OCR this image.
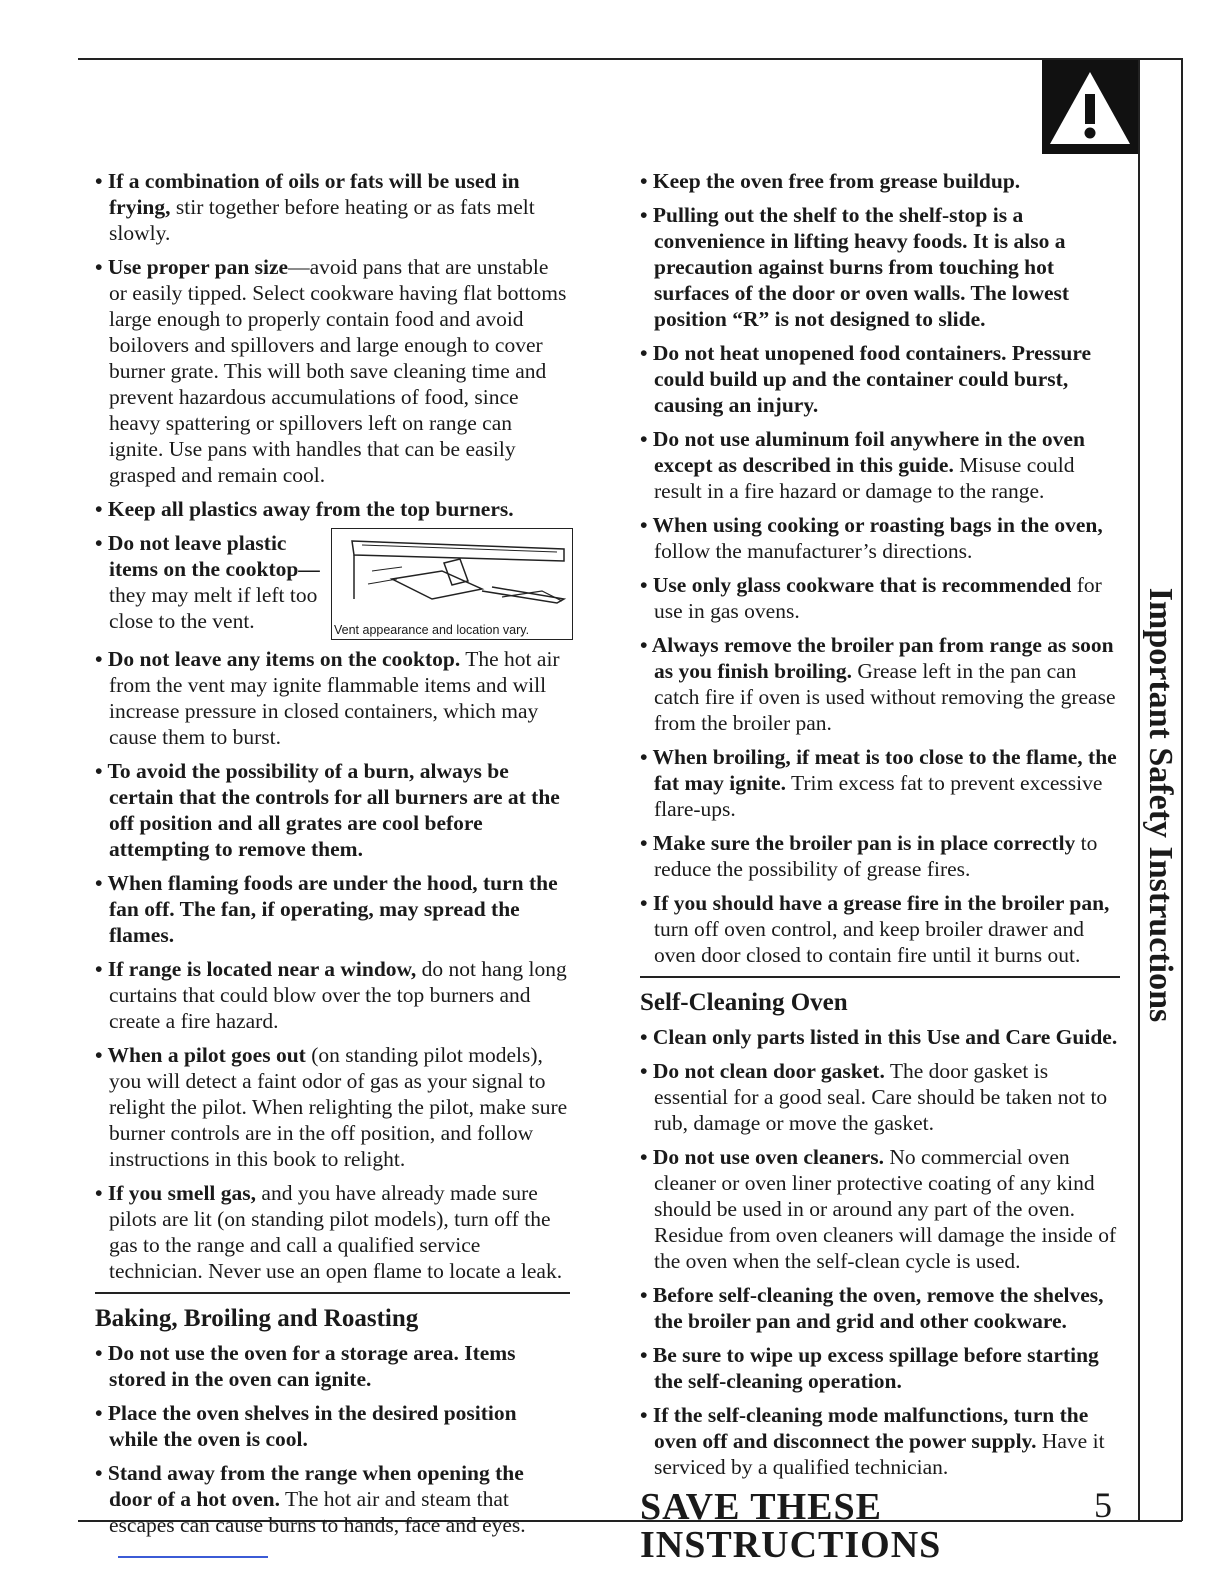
Important Safety Instructions

• If a combination of oils or fats will be used in frying, stir together before heating or as fats melt slowly.

• Use proper pan size—avoid pans that are unstable or easily tipped. Select cookware having flat bottoms large enough to properly contain food and avoid boilovers and spillovers and large enough to cover burner grate. This will both save cleaning time and prevent hazardous accumulations of food, since heavy spattering or spillovers left on range can ignite. Use pans with handles that can be easily grasped and remain cool.

• Keep all plastics away from the top burners.

• Do not leave plastic items on the cooktop—they may melt if left too close to the vent.	Vent appearance and location vary.

• Do not leave any items on the cooktop. The hot air from the vent may ignite flammable items and will increase pressure in closed containers, which may cause them to burst.

• To avoid the possibility of a burn, always be certain that the controls for all burners are at the off position and all grates are cool before attempting to remove them.

• When flaming foods are under the hood, turn the fan off. The fan, if operating, may spread the flames.

• If range is located near a window, do not hang long curtains that could blow over the top burners and create a fire hazard.

• When a pilot goes out (on standing pilot models), you will detect a faint odor of gas as your signal to relight the pilot. When relighting the pilot, make sure burner controls are in the off position, and follow instructions in this book to relight.

• If you smell gas, and you have already made sure pilots are lit (on standing pilot models), turn off the gas to the range and call a qualified service technician. Never use an open flame to locate a leak.

Baking, Broiling and Roasting

• Do not use the oven for a storage area. Items stored in the oven can ignite.

• Place the oven shelves in the desired position while the oven is cool.

• Stand away from the range when opening the door of a hot oven. The hot air and steam that escapes can cause burns to hands, face and eyes.

• Keep the oven free from grease buildup.

• Pulling out the shelf to the shelf-stop is a convenience in lifting heavy foods. It is also a precaution against burns from touching hot surfaces of the door or oven walls. The lowest position “R” is not designed to slide.

• Do not heat unopened food containers. Pressure could build up and the container could burst, causing an injury.

• Do not use aluminum foil anywhere in the oven except as described in this guide. Misuse could result in a fire hazard or damage to the range.

• When using cooking or roasting bags in the oven, follow the manufacturer’s directions.

• Use only glass cookware that is recommended for use in gas ovens.

• Always remove the broiler pan from range as soon as you finish broiling. Grease left in the pan can catch fire if oven is used without removing the grease from the broiler pan.

• When broiling, if meat is too close to the flame, the fat may ignite. Trim excess fat to prevent excessive flare-ups.

• Make sure the broiler pan is in place correctly to reduce the possibility of grease fires.

• If you should have a grease fire in the broiler pan, turn off oven control, and keep broiler drawer and oven door closed to contain fire until it burns out.

Self-Cleaning Oven

• Clean only parts listed in this Use and Care Guide.

• Do not clean door gasket. The door gasket is essential for a good seal. Care should be taken not to rub, damage or move the gasket.

• Do not use oven cleaners. No commercial oven cleaner or oven liner protective coating of any kind should be used in or around any part of the oven. Residue from oven cleaners will damage the inside of the oven when the self-clean cycle is used.

• Before self-cleaning the oven, remove the shelves, the broiler pan and grid and other cookware.

• Be sure to wipe up excess spillage before starting the self-cleaning operation.

• If the self-cleaning mode malfunctions, turn the oven off and disconnect the power supply. Have it serviced by a qualified technician.

SAVE THESE
INSTRUCTIONS
5
